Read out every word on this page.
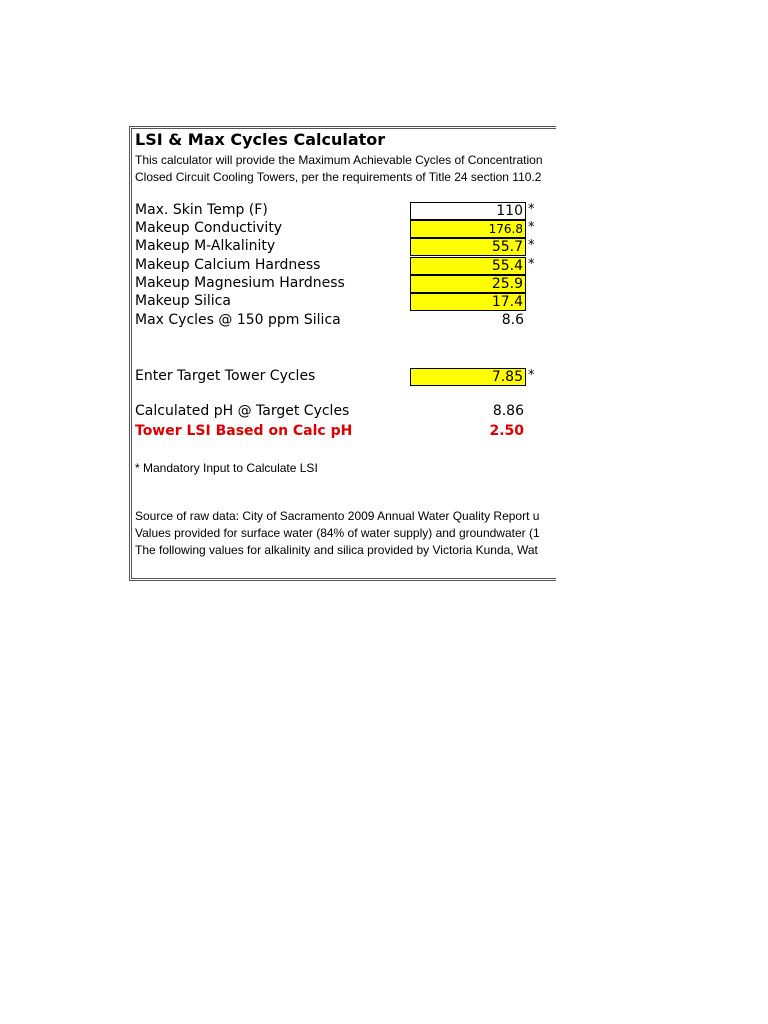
LSI & Max Cycles Calculator
This calculator will provide the Maximum Achievable Cycles of Concentration
Closed Circuit Cooling Towers, per the requirements of Title 24 section 110.2
Max. Skin Temp (F)	110 *
Makeup Conductivity	176.8 *
Makeup M-Alkalinity	55.7 *
Makeup Calcium Hardness	55.4 *
Makeup Magnesium Hardness	25.9
Makeup Silica	17.4
Max Cycles @ 150 ppm Silica	8.6
Enter Target Tower Cycles	7.85 *
Calculated pH @ Target Cycles	8.86
Tower LSI Based on Calc pH	2.50
* Mandatory Input to Calculate LSI
Source of raw data: City of Sacramento 2009 Annual Water Quality Report u
Values provided for surface water (84% of water supply) and groundwater (1
The following values for alkalinity and silica provided by Victoria Kunda, Wat
